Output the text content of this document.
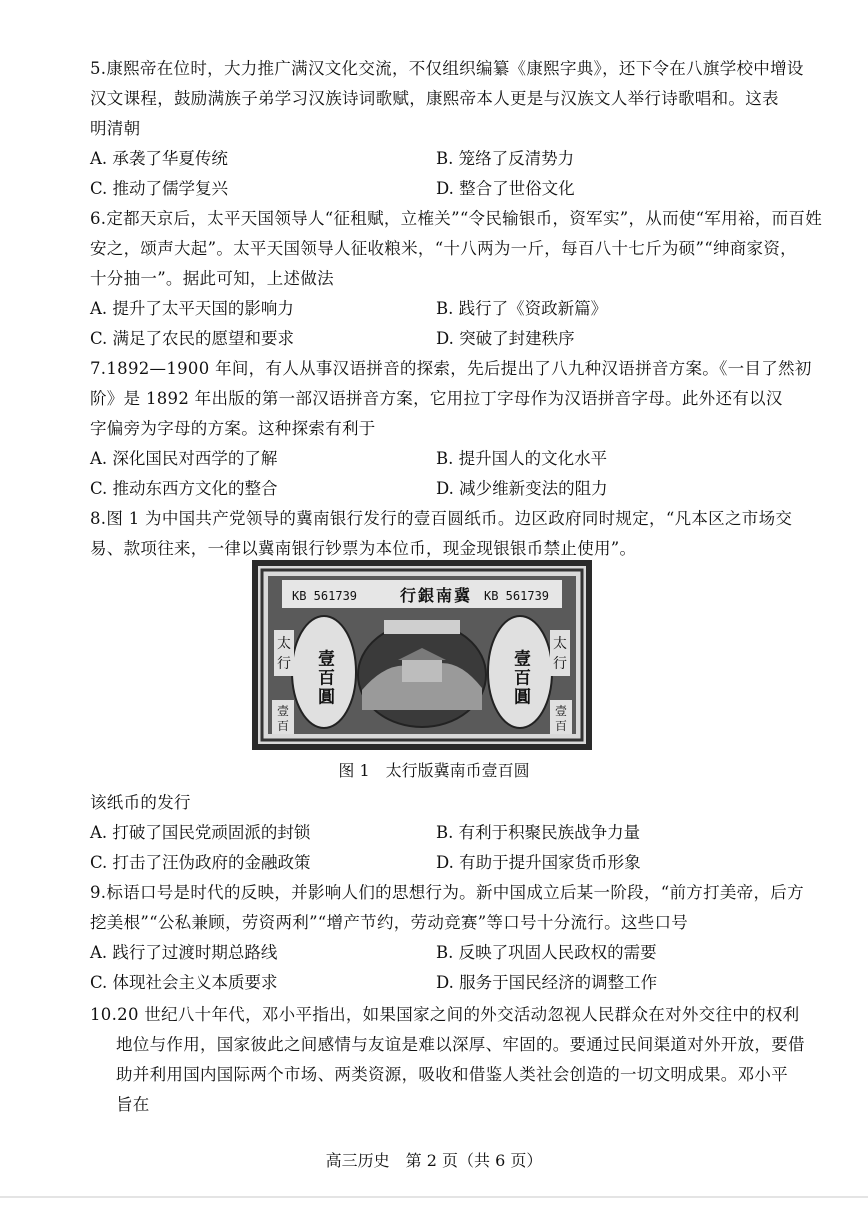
5.康熙帝在位时，大力推广满汉文化交流，不仅组织编纂《康熙字典》，还下令在八旗学校中增设
汉文课程，鼓励满族子弟学习汉族诗词歌赋，康熙帝本人更是与汉族文人举行诗歌唱和。这表
明清朝
A. 承袭了华夏传统	B. 笼络了反清势力
C. 推动了儒学复兴	D. 整合了世俗文化
6.定都天京后，太平天国领导人“征租赋，立榷关”“令民输银币，资军实”，从而使“军用裕，而百姓
安之，颂声大起”。太平天国领导人征收粮米，“十八两为一斤，每百八十七斤为硕”“绅商家资，
十分抽一”。据此可知，上述做法
A. 提升了太平天国的影响力	B. 践行了《资政新篇》
C. 满足了农民的愿望和要求	D. 突破了封建秩序
7.1892—1900 年间，有人从事汉语拼音的探索，先后提出了八九种汉语拼音方案。《一目了然初
阶》是 1892 年出版的第一部汉语拼音方案，它用拉丁字母作为汉语拼音字母。此外还有以汉
字偏旁为字母的方案。这种探索有利于
A. 深化国民对西学的了解	B. 提升国人的文化水平
C. 推动东西方文化的整合	D. 减少维新变法的阻力
8.图 1 为中国共产党领导的冀南银行发行的壹百圆纸币。边区政府同时规定，“凡本区之市场交
易、款项往来，一律以冀南银行钞票为本位币，现金现银银币禁止使用”。
KB 561739	行銀南冀 KB 561739
壹百圓	壹百圓
太
行
太
行
壹
百
壹
百
图 1　太行版冀南币壹百圆
该纸币的发行
A. 打破了国民党顽固派的封锁	B. 有利于积聚民族战争力量
C. 打击了汪伪政府的金融政策	D. 有助于提升国家货币形象
9.标语口号是时代的反映，并影响人们的思想行为。新中国成立后某一阶段，“前方打美帝，后方
挖美根”“公私兼顾，劳资两利”“增产节约，劳动竞赛”等口号十分流行。这些口号
A. 践行了过渡时期总路线	B. 反映了巩固人民政权的需要
C. 体现社会主义本质要求	D. 服务于国民经济的调整工作
10.20 世纪八十年代，邓小平指出，如果国家之间的外交活动忽视人民群众在对外交往中的权利
地位与作用，国家彼此之间感情与友谊是难以深厚、牢固的。要通过民间渠道对外开放，要借
助并利用国内国际两个市场、两类资源，吸收和借鉴人类社会创造的一切文明成果。邓小平
旨在
高三历史　第 2 页（共 6 页）
